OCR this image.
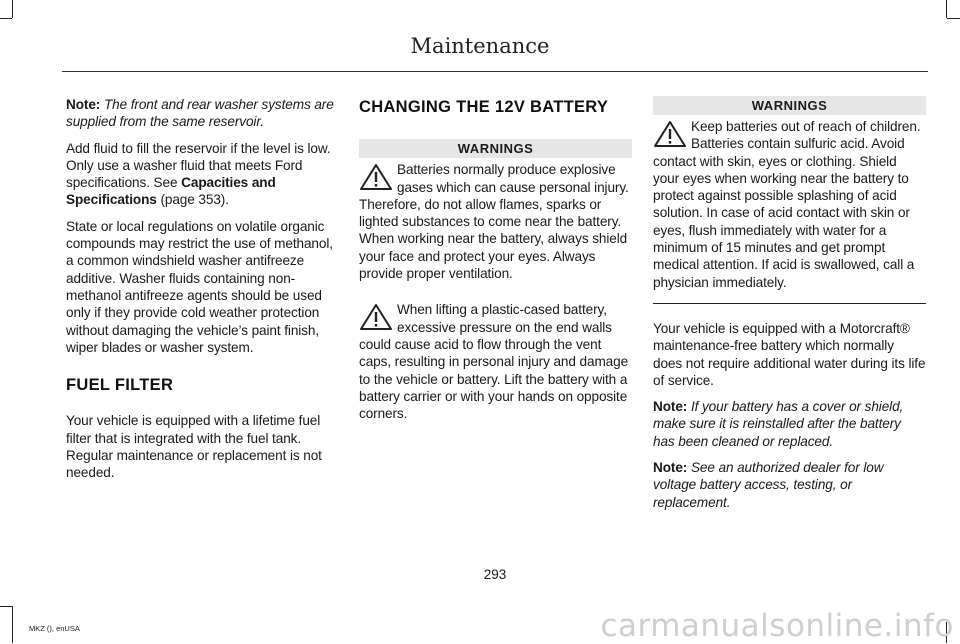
Maintenance

Note: The front and rear washer systems are supplied from the same reservoir.

Add fluid to fill the reservoir if the level is low. Only use a washer fluid that meets Ford specifications. See Capacities and Specifications (page 353).

State or local regulations on volatile organic compounds may restrict the use of methanol, a common windshield washer antifreeze additive. Washer fluids containing non-methanol antifreeze agents should be used only if they provide cold weather protection without damaging the vehicle’s paint finish, wiper blades or washer system.

FUEL FILTER

Your vehicle is equipped with a lifetime fuel filter that is integrated with the fuel tank. Regular maintenance or replacement is not needed.

CHANGING THE 12V BATTERY
WARNINGS

Batteries normally produce explosive gases which can cause personal injury. Therefore, do not allow flames, sparks or lighted substances to come near the battery. When working near the battery, always shield your face and protect your eyes. Always provide proper ventilation.

When lifting a plastic-cased battery, excessive pressure on the end walls could cause acid to flow through the vent caps, resulting in personal injury and damage to the vehicle or battery. Lift the battery with a battery carrier or with your hands on opposite corners.

WARNINGS

Keep batteries out of reach of children. Batteries contain sulfuric acid. Avoid contact with skin, eyes or clothing. Shield your eyes when working near the battery to protect against possible splashing of acid solution. In case of acid contact with skin or eyes, flush immediately with water for a minimum of 15 minutes and get prompt medical attention. If acid is swallowed, call a physician immediately.

Your vehicle is equipped with a Motorcraft® maintenance-free battery which normally does not require additional water during its life of service.

Note: If your battery has a cover or shield, make sure it is reinstalled after the battery has been cleaned or replaced.

Note: See an authorized dealer for low voltage battery access, testing, or replacement.

293
MKZ (), enUSA	carmanualsonline.info
